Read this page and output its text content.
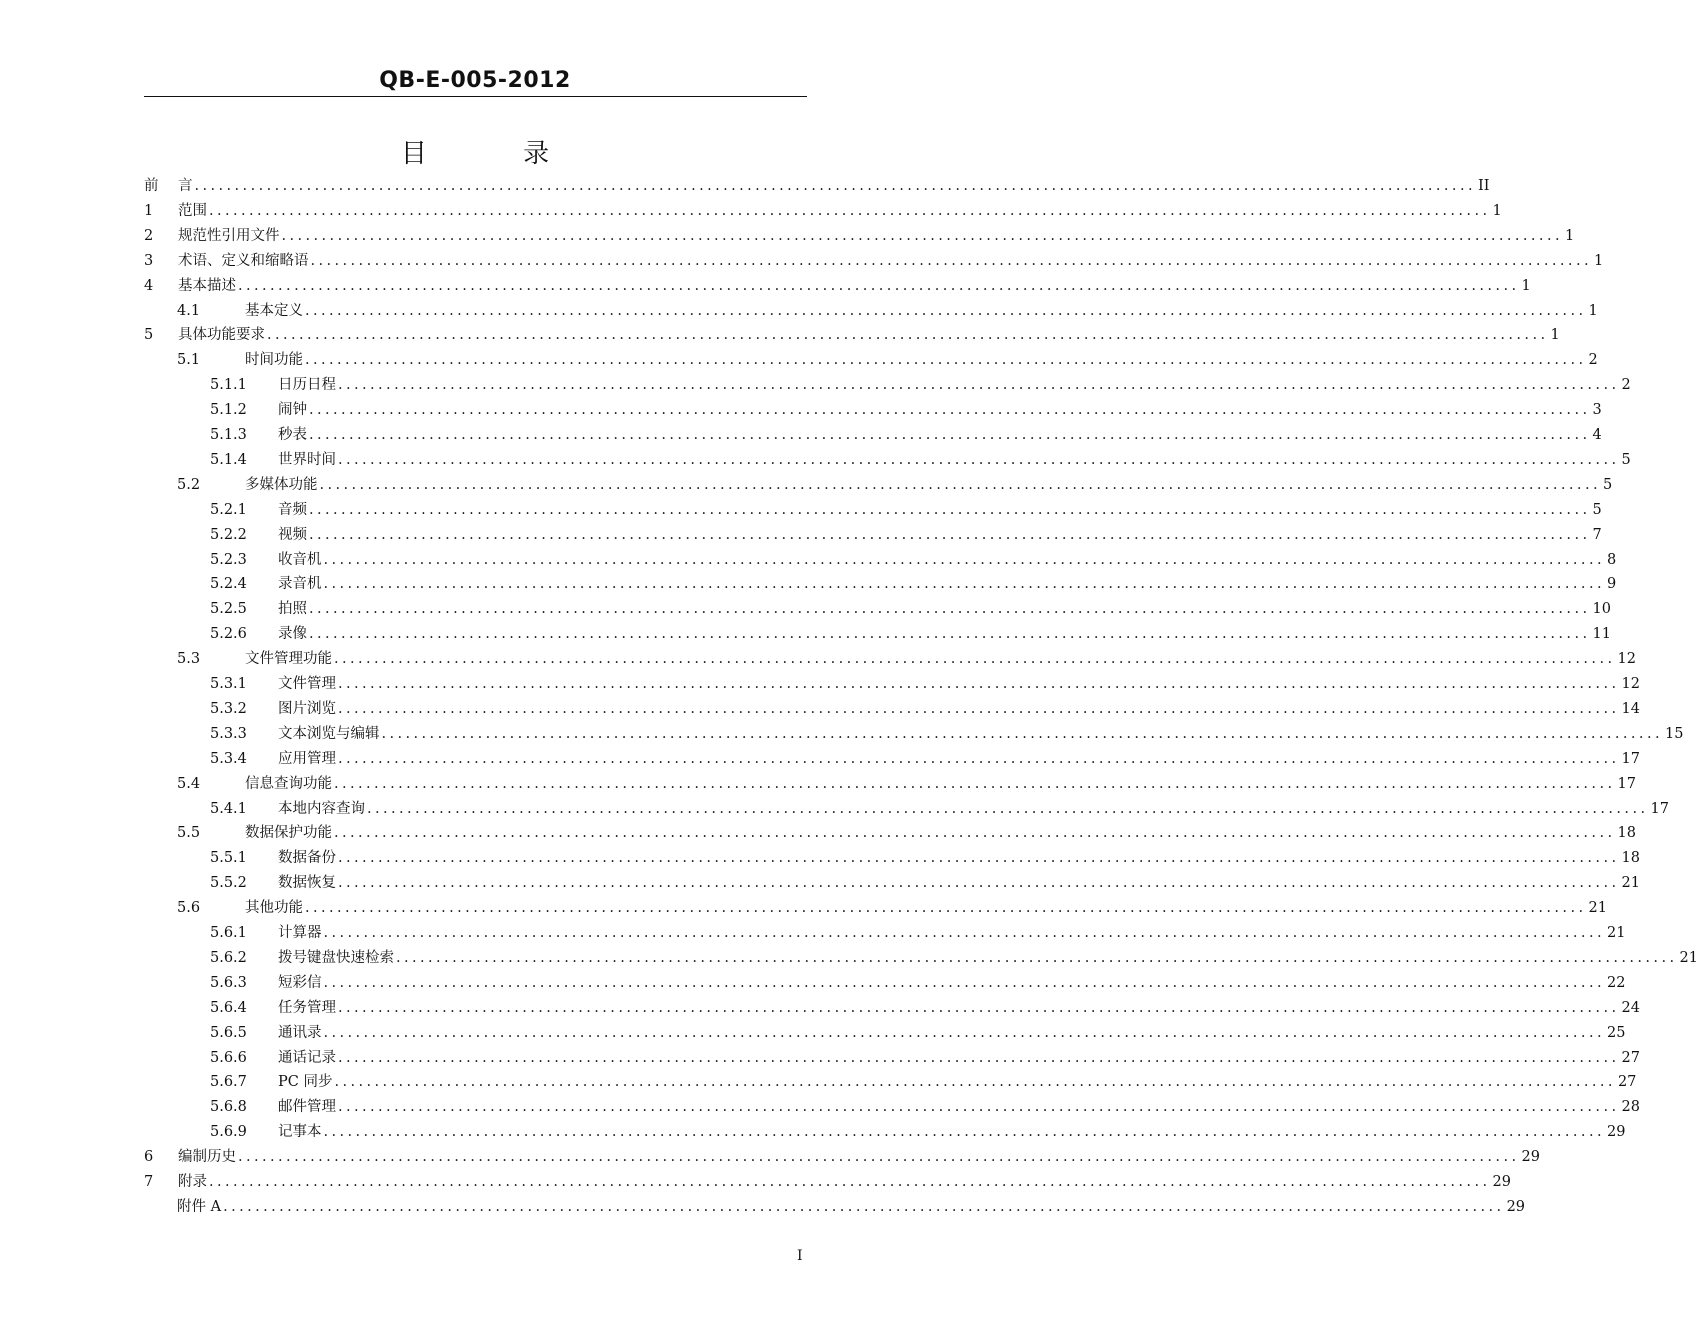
QB-E-005-2012
目 录
前	言 ................................................................................................................................................................ II
1	范围 ................................................................................................................................................................ 1
2	规范性引用文件 ................................................................................................................................................................ 1
3	术语、定义和缩略语 ................................................................................................................................................................ 1
4	基本描述 ................................................................................................................................................................ 1
4.1	基本定义 ................................................................................................................................................................ 1
5	具体功能要求 ................................................................................................................................................................ 1
5.1	时间功能 ................................................................................................................................................................ 2
5.1.1	日历日程 ................................................................................................................................................................ 2
5.1.2	闹钟 ................................................................................................................................................................ 3
5.1.3	秒表 ................................................................................................................................................................ 4
5.1.4	世界时间 ................................................................................................................................................................ 5
5.2	多媒体功能 ................................................................................................................................................................ 5
5.2.1	音频 ................................................................................................................................................................ 5
5.2.2	视频 ................................................................................................................................................................ 7
5.2.3	收音机 ................................................................................................................................................................ 8
5.2.4	录音机 ................................................................................................................................................................ 9
5.2.5	拍照 ................................................................................................................................................................ 10
5.2.6	录像 ................................................................................................................................................................ 11
5.3	文件管理功能 ................................................................................................................................................................ 12
5.3.1	文件管理 ................................................................................................................................................................ 12
5.3.2	图片浏览 ................................................................................................................................................................ 14
5.3.3	文本浏览与编辑 ................................................................................................................................................................ 15
5.3.4	应用管理 ................................................................................................................................................................ 17
5.4	信息查询功能 ................................................................................................................................................................ 17
5.4.1	本地内容查询 ................................................................................................................................................................ 17
5.5	数据保护功能 ................................................................................................................................................................ 18
5.5.1	数据备份 ................................................................................................................................................................ 18
5.5.2	数据恢复 ................................................................................................................................................................ 21
5.6	其他功能 ................................................................................................................................................................ 21
5.6.1	计算器 ................................................................................................................................................................ 21
5.6.2	拨号键盘快速检索 ................................................................................................................................................................ 21
5.6.3	短彩信 ................................................................................................................................................................ 22
5.6.4	任务管理 ................................................................................................................................................................ 24
5.6.5	通讯录 ................................................................................................................................................................ 25
5.6.6	通话记录 ................................................................................................................................................................ 27
5.6.7	PC 同步 ................................................................................................................................................................ 27
5.6.8	邮件管理 ................................................................................................................................................................ 28
5.6.9	记事本 ................................................................................................................................................................ 29
6	编制历史 ................................................................................................................................................................ 29
7	附录 ................................................................................................................................................................ 29
附件 A ................................................................................................................................................................ 29
I
